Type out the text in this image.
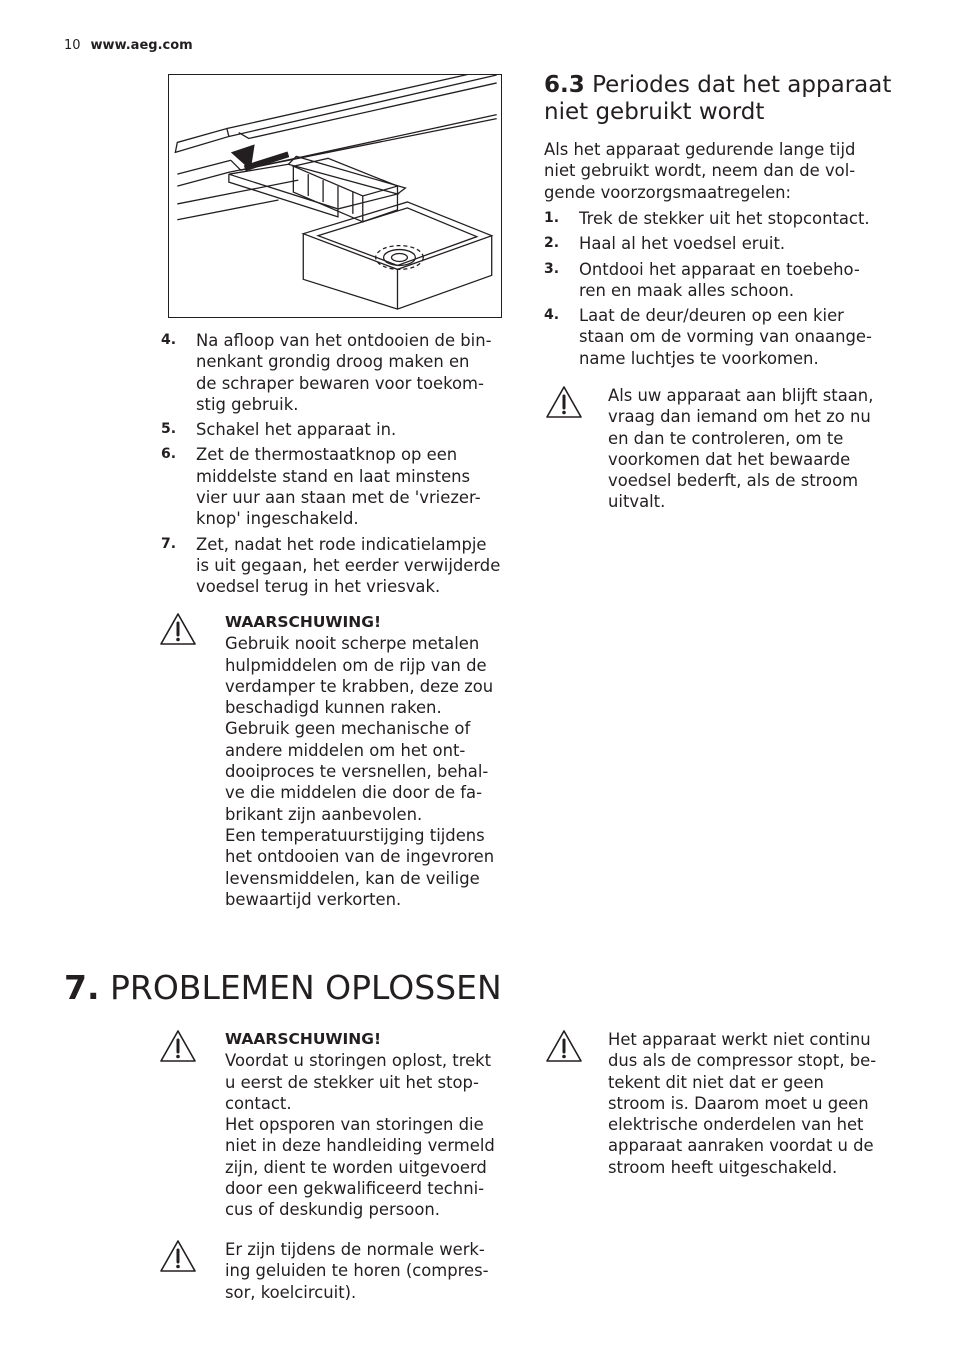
10 www.aeg.com
4. Na afloop van het ontdooien de bin-
nenkant grondig droog maken en
de schraper bewaren voor toekom-
stig gebruik.
5. Schakel het apparaat in.
6. Zet de thermostaatknop op een
middelste stand en laat minstens
vier uur aan staan met de 'vriezer-
knop' ingeschakeld.
7. Zet, nadat het rode indicatielampje
is uit gegaan, het eerder verwijderde
voedsel terug in het vriesvak.
WAARSCHUWING!
Gebruik nooit scherpe metalen
hulpmiddelen om de rijp van de
verdamper te krabben, deze zou
beschadigd kunnen raken.
Gebruik geen mechanische of
andere middelen om het ont-
dooiproces te versnellen, behal-
ve die middelen die door de fa-
brikant zijn aanbevolen.
Een temperatuurstijging tijdens
het ontdooien van de ingevroren
levensmiddelen, kan de veilige
bewaartijd verkorten.
6.3 Periodes dat het apparaat
niet gebruikt wordt
Als het apparaat gedurende lange tijd
niet gebruikt wordt, neem dan de vol-
gende voorzorgsmaatregelen:
1. Trek de stekker uit het stopcontact.
2. Haal al het voedsel eruit.
3. Ontdooi het apparaat en toebeho-
ren en maak alles schoon.
4. Laat de deur/deuren op een kier
staan om de vorming van onaange-
name luchtjes te voorkomen.
Als uw apparaat aan blijft staan,
vraag dan iemand om het zo nu
en dan te controleren, om te
voorkomen dat het bewaarde
voedsel bederft, als de stroom
uitvalt.
7. PROBLEMEN OPLOSSEN
WAARSCHUWING!
Voordat u storingen oplost, trekt
u eerst de stekker uit het stop-
contact.
Het opsporen van storingen die
niet in deze handleiding vermeld
zijn, dient te worden uitgevoerd
door een gekwalificeerd techni-
cus of deskundig persoon.
Er zijn tijdens de normale werk-
ing geluiden te horen (compres-
sor, koelcircuit).
Het apparaat werkt niet continu
dus als de compressor stopt, be-
tekent dit niet dat er geen
stroom is. Daarom moet u geen
elektrische onderdelen van het
apparaat aanraken voordat u de
stroom heeft uitgeschakeld.
